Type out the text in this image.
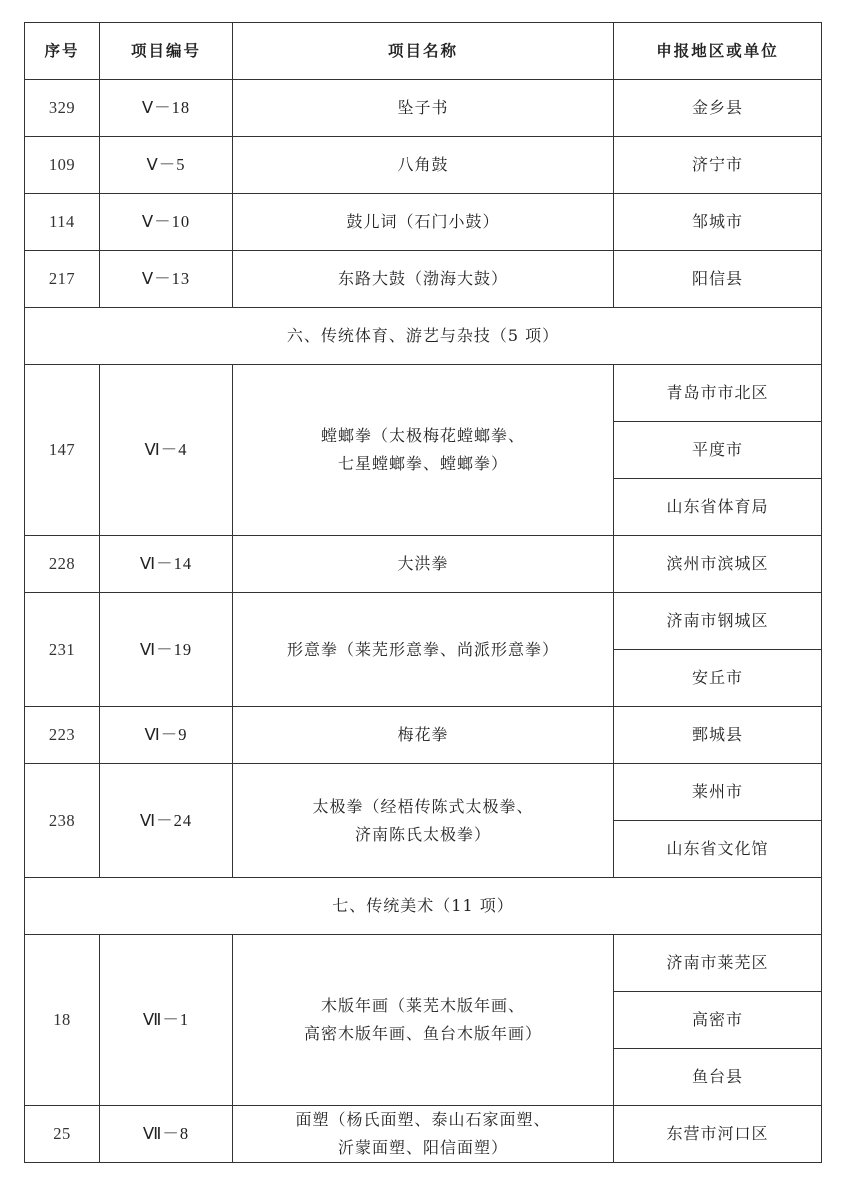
序号	项目编号	项目名称	申报地区或单位
329	Ⅴ－18	坠子书	金乡县
109	Ⅴ－5	八角鼓	济宁市
114	Ⅴ－10	鼓儿词（石门小鼓）	邹城市
217	Ⅴ－13	东路大鼓（渤海大鼓）	阳信县
六、传统体育、游艺与杂技（5 项）			
147	Ⅵ－4	螳螂拳（太极梅花螳螂拳、
七星螳螂拳、螳螂拳）	青岛市市北区
			平度市
			山东省体育局
228	Ⅵ－14	大洪拳	滨州市滨城区
231	Ⅵ－19	形意拳（莱芜形意拳、尚派形意拳）	济南市钢城区
			安丘市
223	Ⅵ－9	梅花拳	鄄城县
238	Ⅵ－24	太极拳（经梧传陈式太极拳、
济南陈氏太极拳）	莱州市
			山东省文化馆
七、传统美术（11 项）			
18	Ⅶ－1	木版年画（莱芜木版年画、
高密木版年画、鱼台木版年画）	济南市莱芜区
			高密市
			鱼台县
25	Ⅶ－8	面塑（杨氏面塑、泰山石家面塑、
沂蒙面塑、阳信面塑）	东营市河口区
